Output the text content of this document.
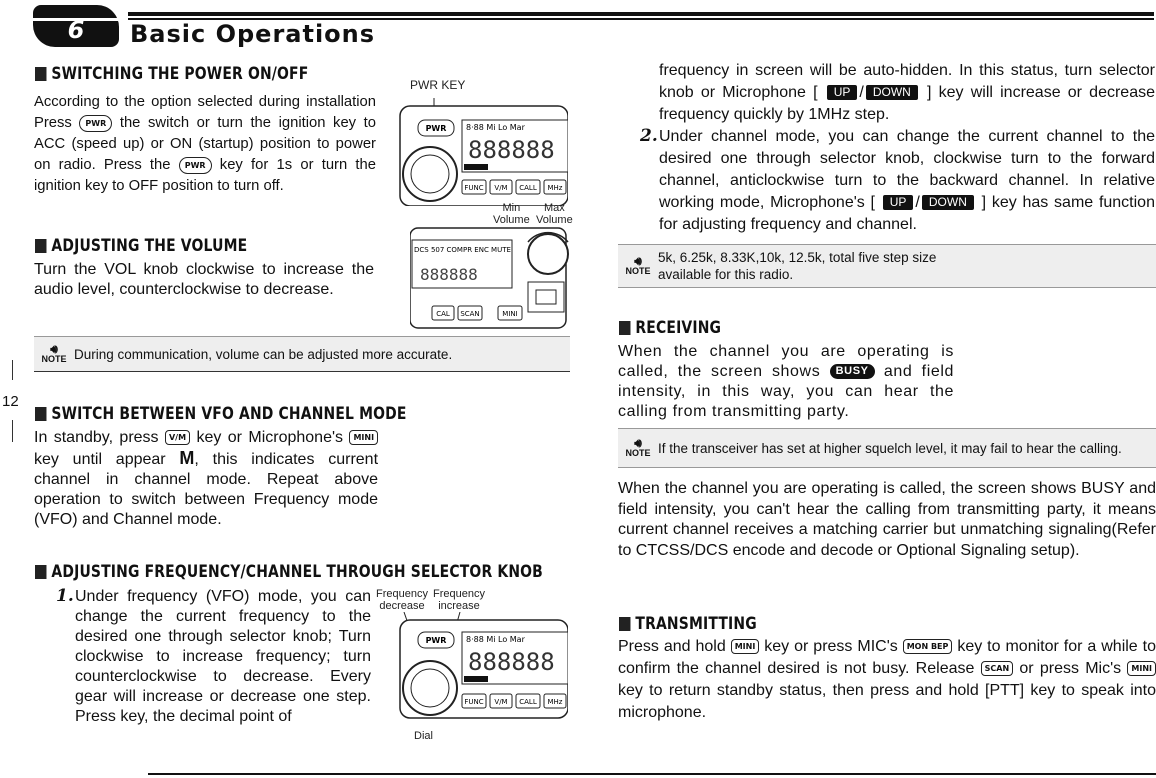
6 Basic Operations
12
SWITCHING THE POWER ON/OFF
According to the option selected during installation Press PWR the switch or turn the ignition key to ACC (speed up) or ON (startup) position to power on radio. Press the PWR key for 1s or turn the ignition key to OFF position to turn off.
PWR KEY
PWR 8·88 Mi Lo Mar
888888
FUNC V/M CALL MHz
Min
Volume
Max
Volume
ADJUSTING THE VOLUME
Turn the VOL knob clockwise to increase the audio level, counterclockwise to decrease.
DCS 507 COMPR ENC MUTE
888888
CAL SCAN	MINI
🔊︎
NOTE During communication, volume can be adjusted more accurate.
SWITCH BETWEEN VFO AND CHANNEL MODE
In standby, press V/M key or Microphone's MINI key until appear M, this indicates current channel in channel mode. Repeat above operation to switch between Frequency mode (VFO) and Channel mode.
ADJUSTING FREQUENCY/CHANNEL THROUGH SELECTOR KNOB
1. Under frequency (VFO) mode, you can change the current frequency to the desired one through selector knob; Turn clockwise to increase frequency; turn counterclockwise to decrease. Every gear will increase or decrease one step. Press key, the decimal point of
Frequency decrease
Frequency increase
PWR 8·88 Mi Lo Mar
888888
FUNC V/M CALL MHz
Dial
frequency in screen will be auto-hidden. In this status, turn selector knob or Microphone [ UP / DOWN ] key will increase or decrease frequency quickly by 1MHz step.
2. Under channel mode, you can change the current channel to the desired one through selector knob, clockwise turn to the forward channel, anticlockwise turn to the backward channel. In relative working mode, Microphone's [ UP / DOWN ] key has same function for adjusting frequency and channel.
🔊︎
NOTE
5k, 6.25k, 8.33K,10k, 12.5k, total five step size
available for this radio.
RECEIVING
When the channel you are operating is called, the screen shows BUSY and field intensity, in this way, you can hear the calling from transmitting party.
🔊︎
NOTE If the transceiver has set at higher squelch level, it may fail to hear the calling.
When the channel you are operating is called, the screen shows BUSY and field intensity, you can't hear the calling from transmitting party, it means current channel receives a matching carrier but unmatching signaling(Refer to CTCSS/DCS encode and decode or Optional Signaling setup).
TRANSMITTING
Press and hold MINI key or press MIC's MON BEP key to monitor for a while to confirm the channel desired is not busy. Release SCAN or press Mic's MINI key to return standby status, then press and hold [PTT] key to speak into microphone.
